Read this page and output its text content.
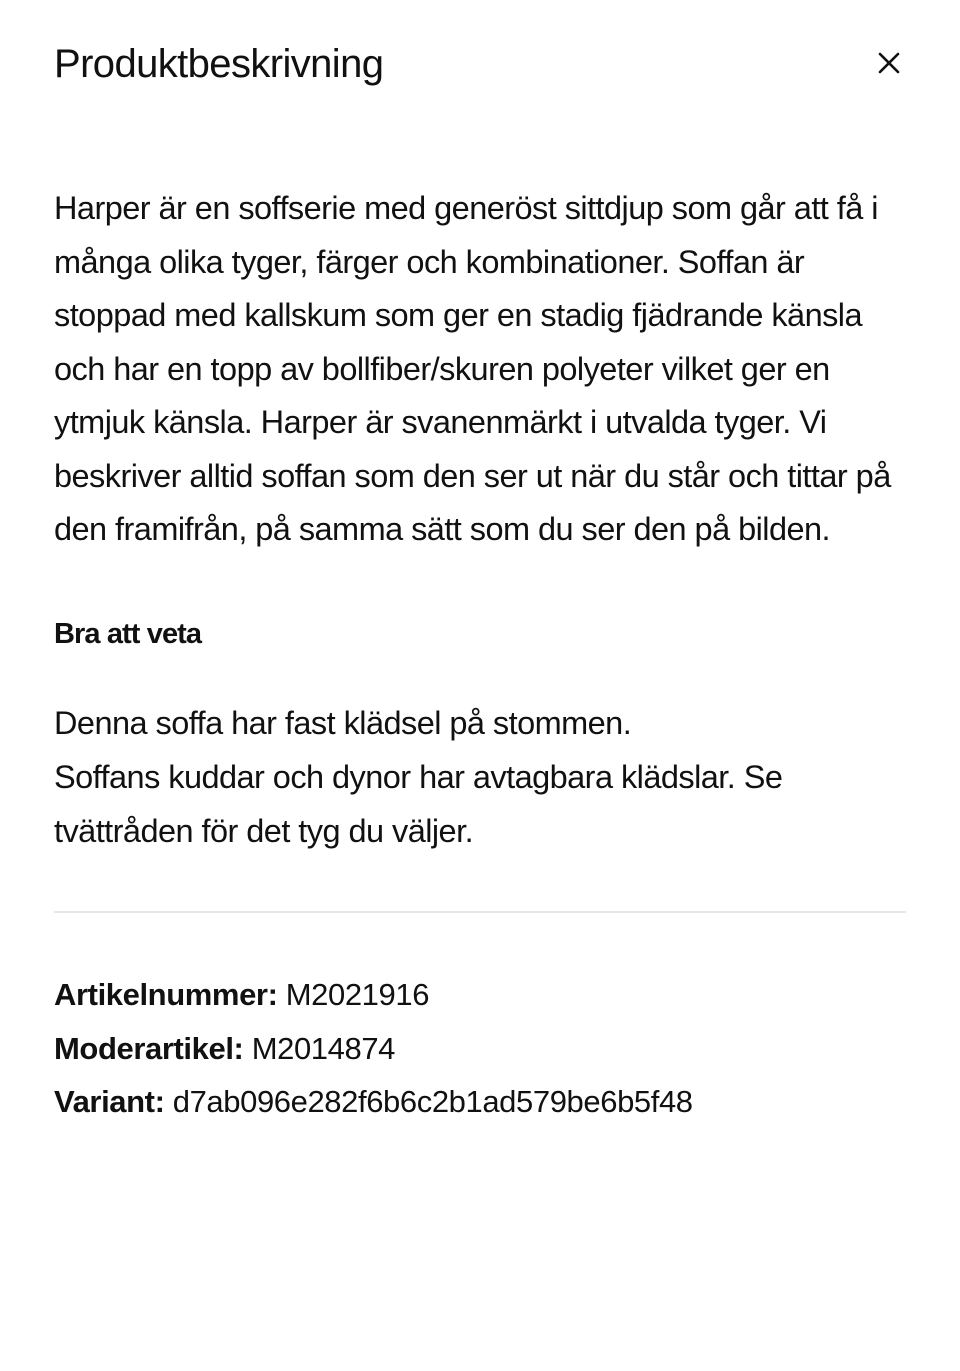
Produktbeskrivning

Harper är en soffserie med generöst sittdjup som går att få i många olika tyger, färger och kombinationer. Soffan är stoppad med kallskum som ger en stadig fjädrande känsla och har en topp av bollfiber/skuren polyeter vilket ger en ytmjuk känsla. Harper är svanenmärkt i utvalda tyger. Vi beskriver alltid soffan som den ser ut när du står och tittar på den framifrån, på samma sätt som du ser den på bilden.

Bra att veta

Denna soffa har fast klädsel på stommen.
Soffans kuddar och dynor har avtagbara klädslar. Se tvättråden för det tyg du väljer.

Artikelnummer: M2021916
Moderartikel: M2014874
Variant: d7ab096e282f6b6c2b1ad579be6b5f48
